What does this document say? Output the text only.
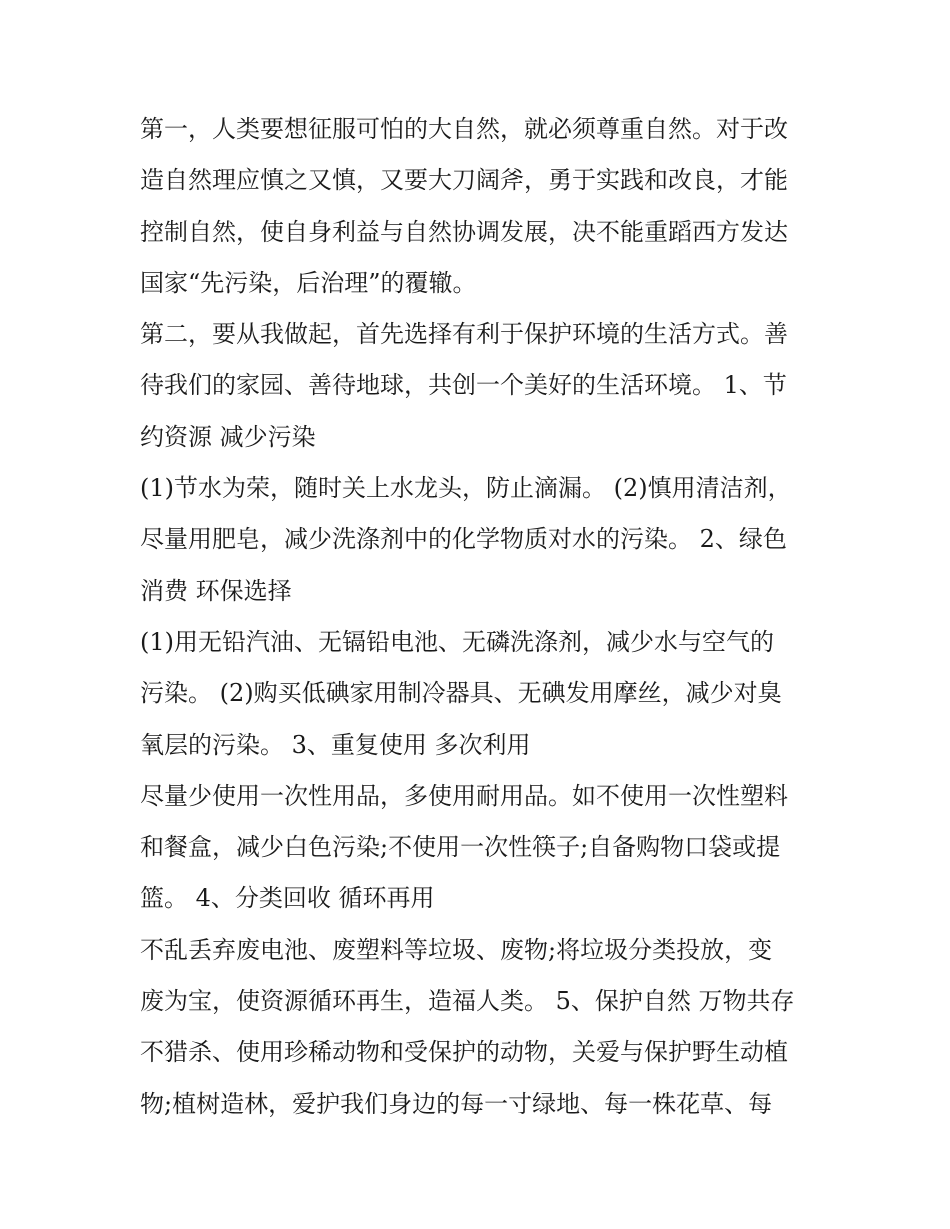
第一，人类要想征服可怕的大自然，就必须尊重自然。对于改
造自然理应慎之又慎，又要大刀阔斧，勇于实践和改良，才能
控制自然，使自身利益与自然协调发展，决不能重蹈西方发达
国家“先污染，后治理”的覆辙。
第二，要从我做起，首先选择有利于保护环境的生活方式。善
待我们的家园、善待地球，共创一个美好的生活环境。 1、节
约资源 减少污染
(1)节水为荣，随时关上水龙头，防止滴漏。 (2)慎用清洁剂，
尽量用肥皂，减少洗涤剂中的化学物质对水的污染。 2、绿色
消费 环保选择
(1)用无铅汽油、无镉铅电池、无磷洗涤剂，减少水与空气的
污染。 (2)购买低碘家用制冷器具、无碘发用摩丝，减少对臭
氧层的污染。 3、重复使用 多次利用
尽量少使用一次性用品，多使用耐用品。如不使用一次性塑料
和餐盒，减少白色污染;不使用一次性筷子;自备购物口袋或提
篮。 4、分类回收 循环再用
不乱丢弃废电池、废塑料等垃圾、废物;将垃圾分类投放，变
废为宝，使资源循环再生，造福人类。 5、保护自然 万物共存
不猎杀、使用珍稀动物和受保护的动物，关爱与保护野生动植
物;植树造林，爱护我们身边的每一寸绿地、每一株花草、每
